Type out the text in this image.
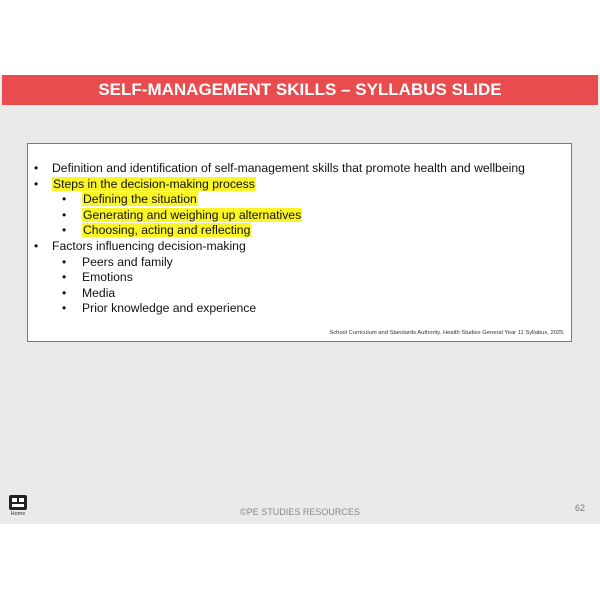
SELF-MANAGEMENT SKILLS – SYLLABUS SLIDE
• Definition and identification of self-management skills that promote health and wellbeing
• Steps in the decision-making process
• Defining the situation
• Generating and weighing up alternatives
• Choosing, acting and reflecting
• Factors influencing decision-making
• Peers and family
• Emotions
• Media
• Prior knowledge and experience
School Curriculum and Standards Authority. Health Studies General Year 11 Syllabus, 2025.
Home	©PE STUDIES RESOURCES	62
